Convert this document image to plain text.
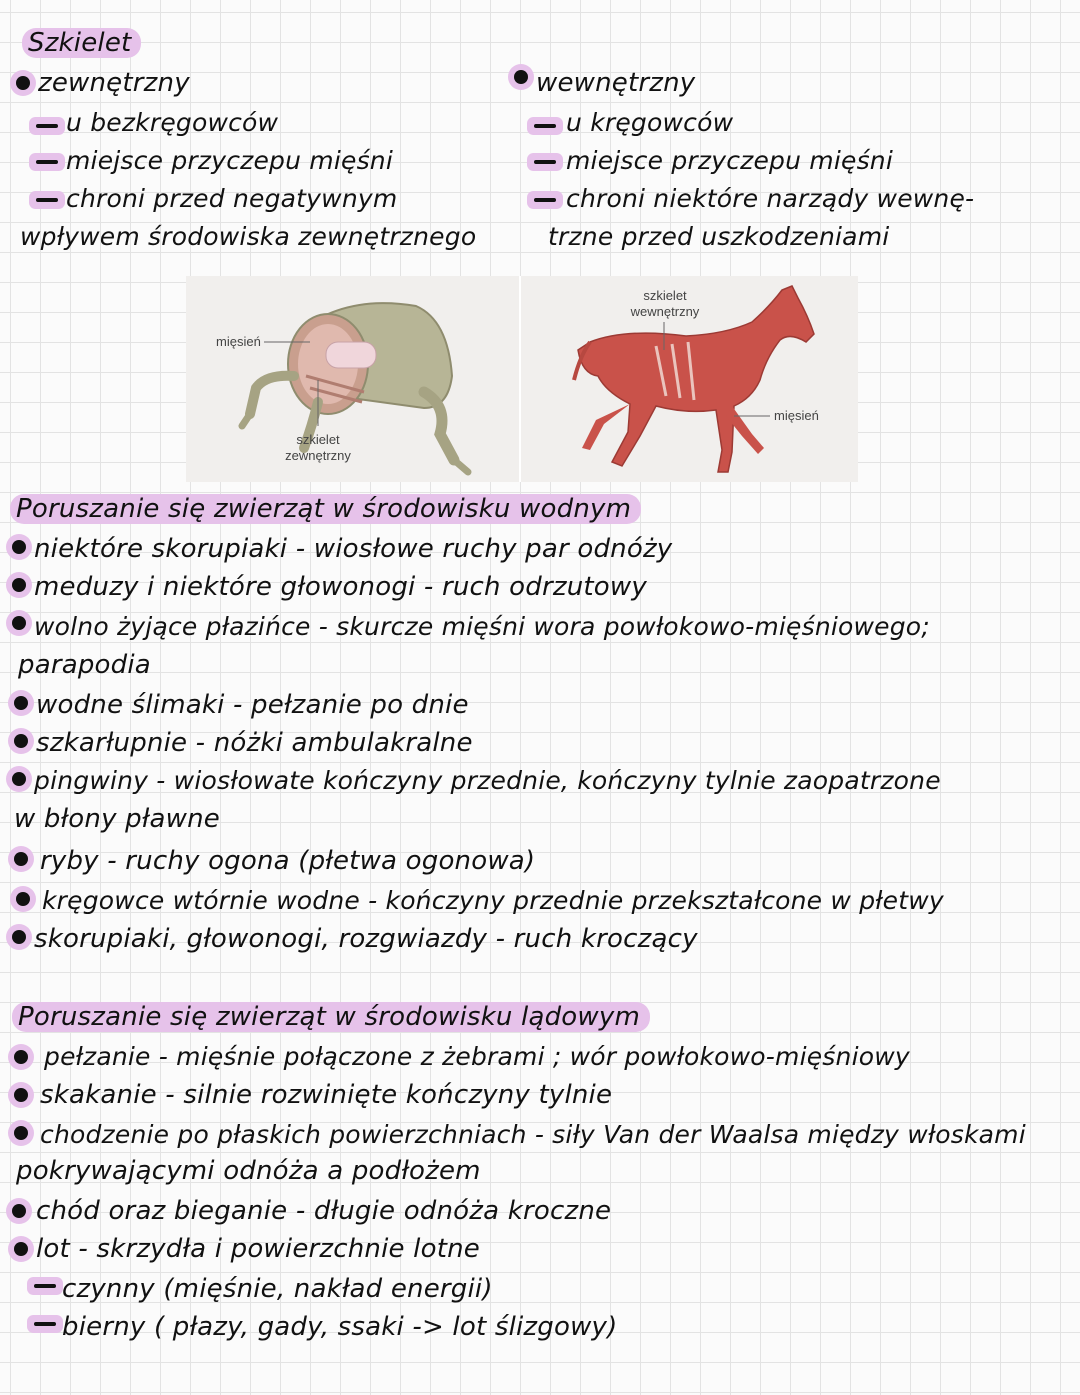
Szkielet
zewnętrzny
u bezkręgowców
miejsce przyczepu mięśni
chroni przed negatywnym
wpływem środowiska zewnętrznego
wewnętrzny
u kręgowców
miejsce przyczepu mięśni
chroni niektóre narządy wewnę-
trzne przed uszkodzeniami
mięsień
szkielet zewnętrzny
szkielet wewnętrzny
mięsień
Poruszanie się zwierząt w środowisku wodnym
niektóre skorupiaki - wiosłowe ruchy par odnóży
meduzy i niektóre głowonogi - ruch odrzutowy
wolno żyjące płazińce - skurcze mięśni wora powłokowo-mięśniowego;
parapodia
wodne ślimaki - pełzanie po dnie
szkarłupnie - nóżki ambulakralne
pingwiny - wiosłowate kończyny przednie, kończyny tylnie zaopatrzone
w błony pławne
ryby - ruchy ogona (płetwa ogonowa)
kręgowce wtórnie wodne - kończyny przednie przekształcone w płetwy
skorupiaki, głowonogi, rozgwiazdy - ruch kroczący
Poruszanie się zwierząt w środowisku lądowym
pełzanie - mięśnie połączone z żebrami ; wór powłokowo-mięśniowy
skakanie - silnie rozwinięte kończyny tylnie
chodzenie po płaskich powierzchniach - siły Van der Waalsa między włoskami
pokrywającymi odnóża a podłożem
chód oraz bieganie - długie odnóża kroczne
lot - skrzydła i powierzchnie lotne
czynny (mięśnie, nakład energii)
bierny ( płazy, gady, ssaki -> lot ślizgowy)
